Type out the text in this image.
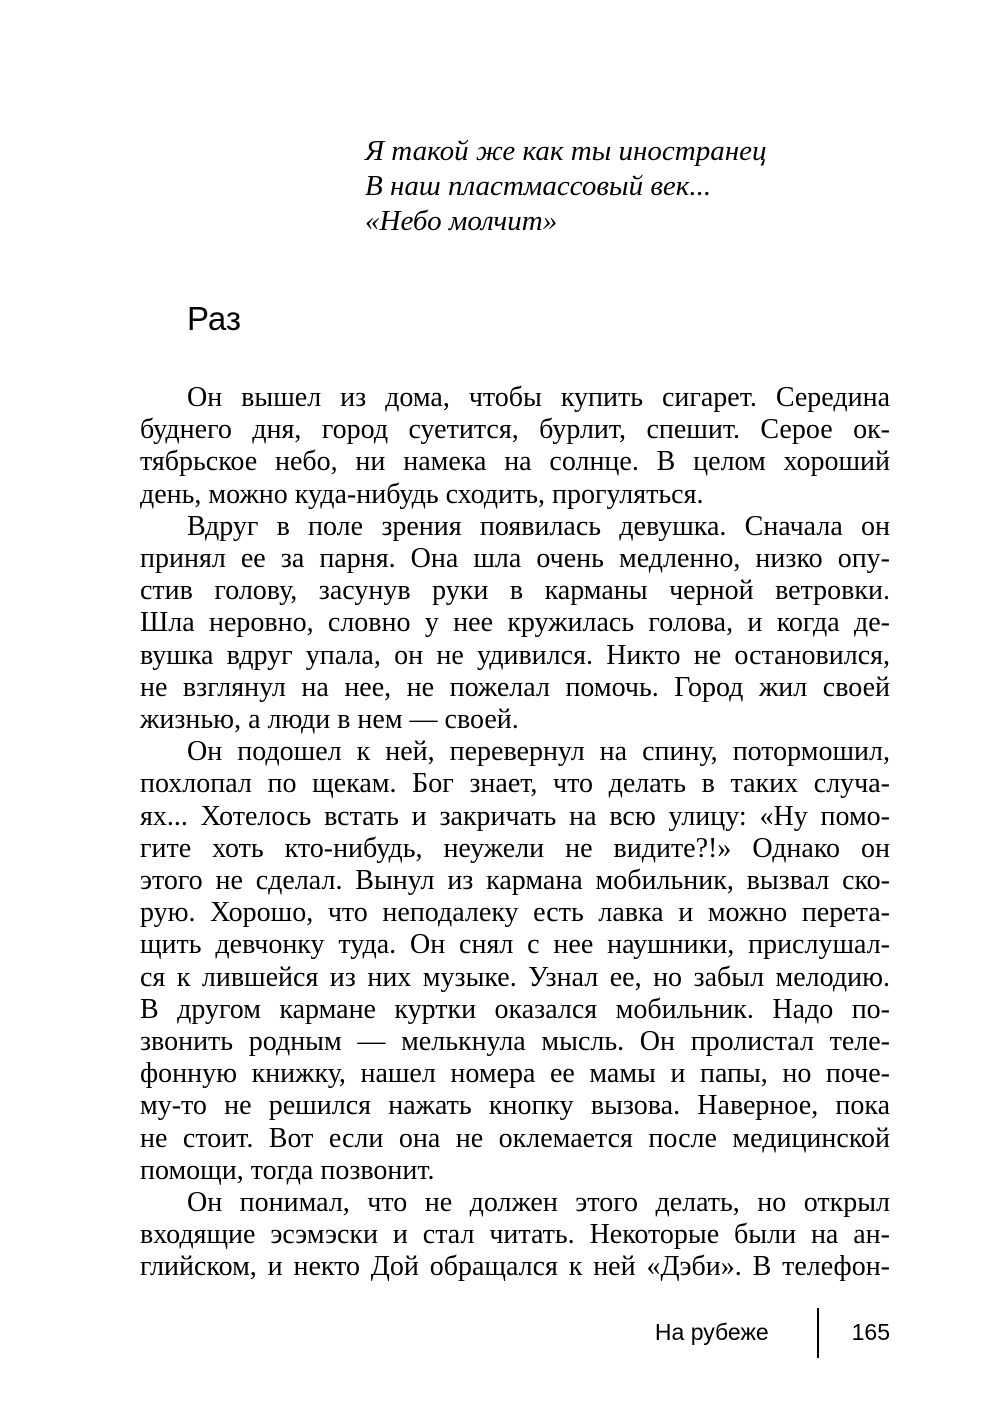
Я такой же как ты иностранец
В наш пластмассовый век...
«Небо молчит»
Раз
Он вышел из дома, чтобы купить сигарет. Середина
буднего дня, город суетится, бурлит, спешит. Серое ок-
тябрьское небо, ни намека на солнце. В целом хороший
день, можно куда-нибудь сходить, прогуляться.
Вдруг в поле зрения появилась девушка. Сначала он
принял ее за парня. Она шла очень медленно, низко опу-
стив голову, засунув руки в карманы черной ветровки.
Шла неровно, словно у нее кружилась голова, и когда де-
вушка вдруг упала, он не удивился. Никто не остановился,
не взглянул на нее, не пожелал помочь. Город жил своей
жизнью, а люди в нем — своей.
Он подошел к ней, перевернул на спину, потормошил,
похлопал по щекам. Бог знает, что делать в таких случа-
ях... Хотелось встать и закричать на всю улицу: «Ну помо-
гите хоть кто-нибудь, неужели не видите?!» Однако он
этого не сделал. Вынул из кармана мобильник, вызвал ско-
рую. Хорошо, что неподалеку есть лавка и можно перета-
щить девчонку туда. Он снял с нее наушники, прислушал-
ся к лившейся из них музыке. Узнал ее, но забыл мелодию.
В другом кармане куртки оказался мобильник. Надо по-
звонить родным — мелькнула мысль. Он пролистал теле-
фонную книжку, нашел номера ее мамы и папы, но поче-
му-то не решился нажать кнопку вызова. Наверное, пока
не стоит. Вот если она не оклемается после медицинской
помощи, тогда позвонит.
Он понимал, что не должен этого делать, но открыл
входящие эсэмэски и стал читать. Некоторые были на ан-
глийском, и некто Дой обращался к ней «Дэби». В телефон-
На рубеже	165
